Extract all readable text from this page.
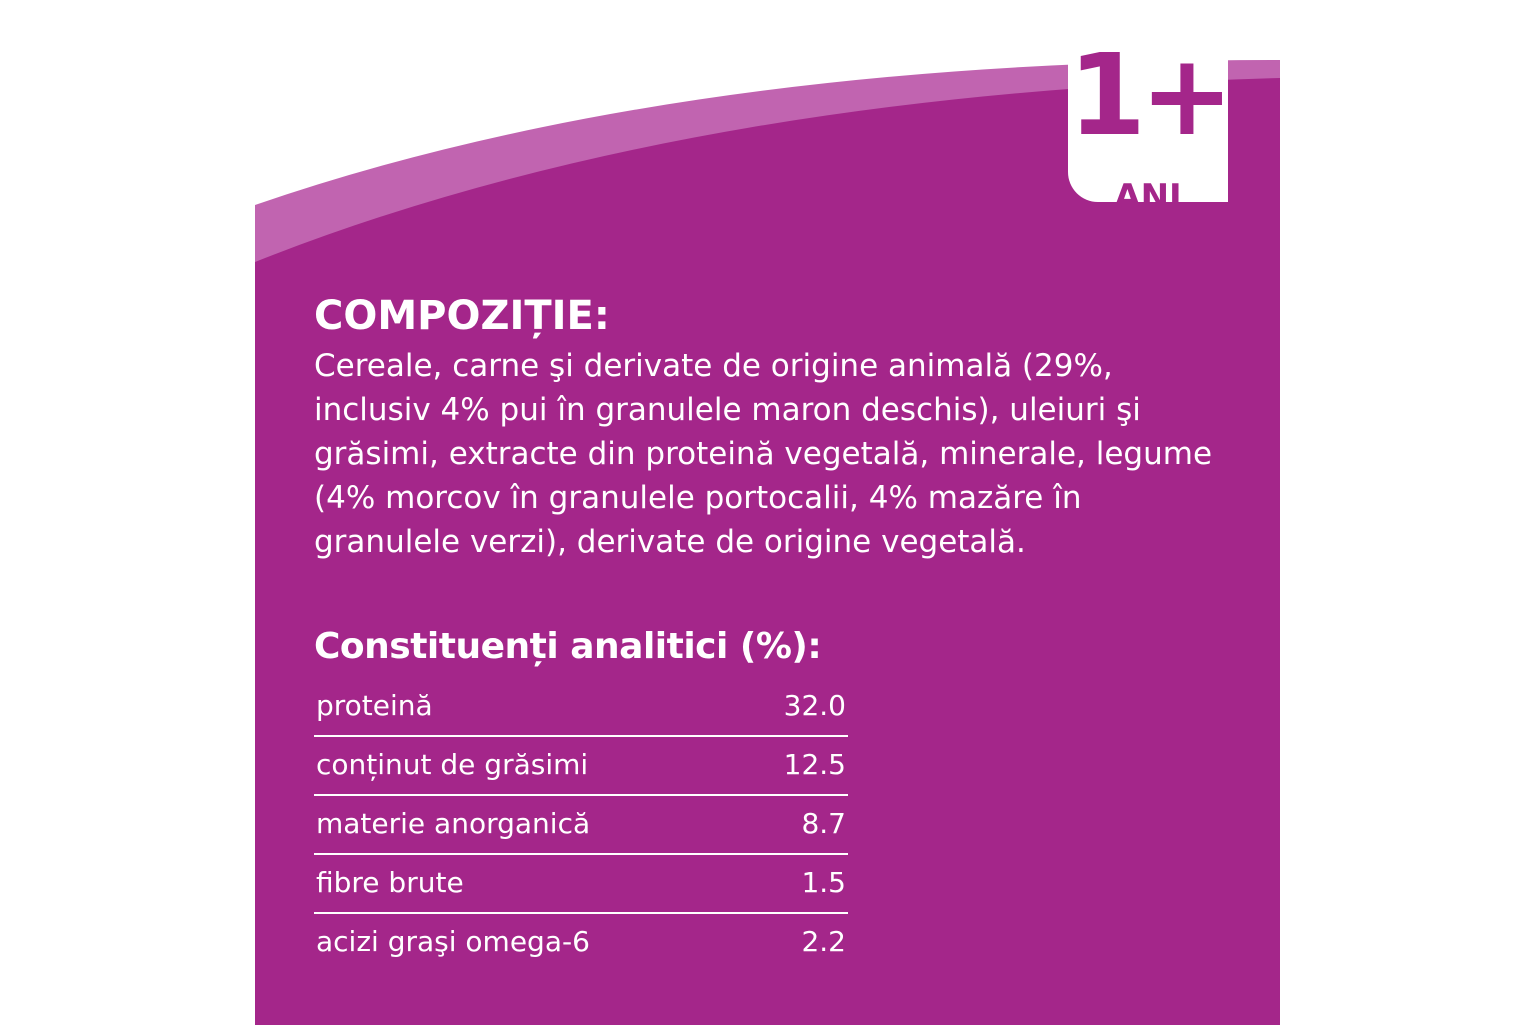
1+
ANI
COMPOZIȚIE:

Cereale, carne şi derivate de origine animală (29%, inclusiv 4% pui în granulele maron deschis), uleiuri şi grăsimi, extracte din proteină vegetală, minerale, legume (4% morcov în granulele portocalii, 4% mazăre în granulele verzi), derivate de origine vegetală.

Constituenți analitici (%):
proteină	32.0
conținut de grăsimi	12.5
materie anorganică	8.7
fibre brute	1.5
acizi graşi omega-6	2.2
